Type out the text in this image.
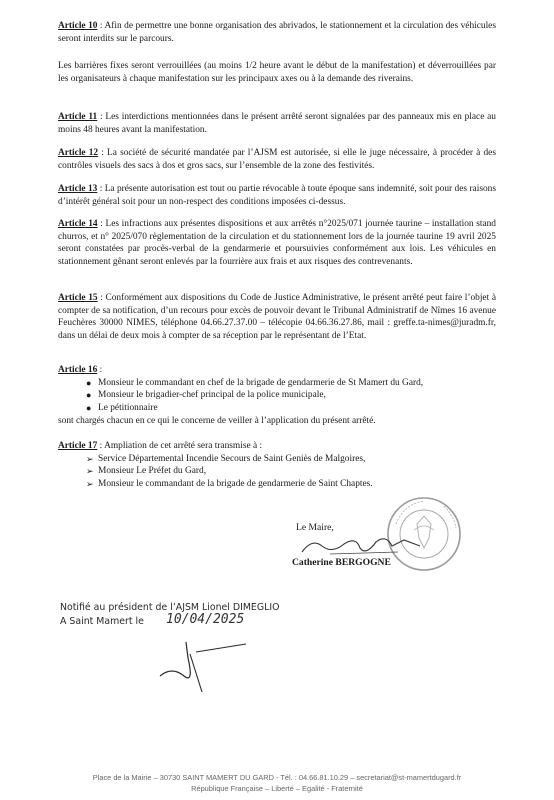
Article 10 : Afin de permettre une bonne organisation des abrivados, le stationnement et la circulation des véhicules seront interdits sur le parcours.

Les barrières fixes seront verrouillées (au moins 1/2 heure avant le début de la manifestation) et déverrouillées par les organisateurs à chaque manifestation sur les principaux axes ou à la demande des riverains.

Article 11 : Les interdictions mentionnées dans le présent arrêté seront signalées par des panneaux mis en place au moins 48 heures avant la manifestation.

Article 12 : La société de sécurité mandatée par l’AJSM est autorisée, si elle le juge nécessaire, à procéder à des contrôles visuels des sacs à dos et gros sacs, sur l’ensemble de la zone des festivités.

Article 13 : La présente autorisation est tout ou partie révocable à toute époque sans indemnité, soit pour des raisons d’intérêt général soit pour un non-respect des conditions imposées ci-dessus.

Article 14 : Les infractions aux présentes dispositions et aux arrêtés n°2025/071 journée taurine – installation stand churros, et n° 2025/070 règlementation de la circulation et du stationnement lors de la journée taurine 19 avril 2025 seront constatées par procès-verbal de la gendarmerie et poursuivies conformément aux lois. Les véhicules en stationnement gênant seront enlevés par la fourrière aux frais et aux risques des contrevenants.

Article 15 : Conformément aux dispositions du Code de Justice Administrative, le présent arrêté peut faire l’objet à compter de sa notification, d’un recours pour excès de pouvoir devant le Tribunal Administratif de Nîmes 16 avenue Feuchères 30000 NIMES, téléphone 04.66.27.37.00 – télécopie 04.66.36.27.86, mail : greffe.ta-nimes@juradm.fr, dans un délai de deux mois à compter de sa réception par le représentant de l’Etat.

Article 16 :

● Monsieur le commandant en chef de la brigade de gendarmerie de St Mamert du Gard,
● Monsieur le brigadier-chef principal de la police municipale,
● Le pétitionnaire

sont chargés chacun en ce qui le concerne de veiller à l’application du présent arrêté.

Article 17 : Ampliation de cet arrêté sera transmise à :

➢ Service Départemental Incendie Secours de Saint Geniès de Malgoires,
➢ Monsieur Le Préfet du Gard,
➢ Monsieur le commandant de la brigade de gendarmerie de Saint Chaptes.
Le Maire,
Catherine BERGOGNE
Notifié au président de l’AJSM Lionel DIMEGLIO
A Saint Mamert le 10/04/2025
Place de la Mairie – 30730 SAINT MAMERT DU GARD - Tél. : 04.66.81.10.29 – secretariat@st-mamertdugard.fr
République Française – Liberté – Egalité - Fraternité
